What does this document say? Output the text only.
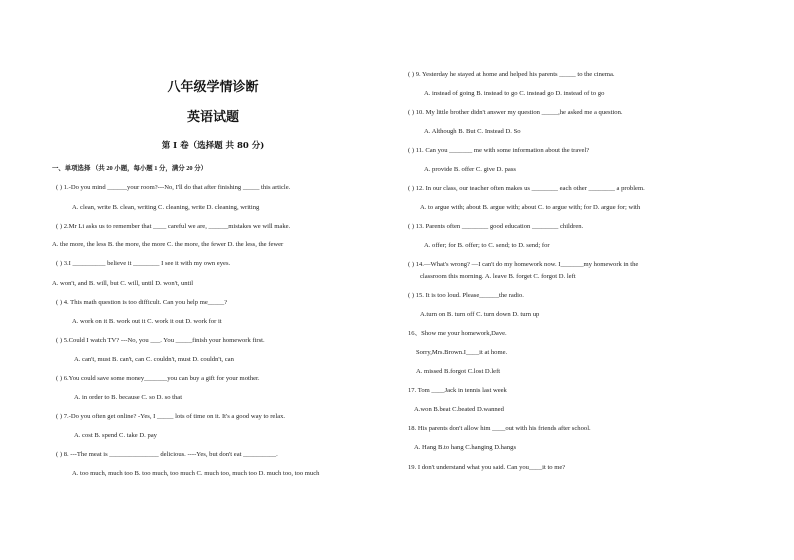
八年级学情诊断
英语试题
第 I 卷（选择题 共 80 分)
一、单项选择 （共 20 小题，每小题 1 分，满分 20 分）
( ) 1.-Do you mind ______your room?---No, I'll do that after finishing _____ this article.
A. clean, write B. clean, writing C. cleaning, write D. cleaning, writing
( ) 2.Mr Li asks us to remember that ____ careful we are, ______mistakes we will make.
A. the more, the less B. the more, the more C. the more, the fewer D. the less, the fewer
( ) 3.I __________ believe it ________ I see it with my own eyes.
A. won't, and B. will, but C. will, until D. won't, until
( ) 4. This math question is too difficult. Can you help me_____?
A. work on it B. work out it C. work it out D. work for it
( ) 5.Could I watch TV? ---No, you ___. You _____finish your homework first.
A. can't, must B. can't, can C. couldn't, must D. couldn't, can
( ) 6.You could save some money_______you can buy a gift for your mother.
A. in order to B. because C. so D. so that
( ) 7.-Do you often get online? -Yes, I _____ lots of time on it. It's a good way to relax.
A. cost B. spend C. take D. pay
( ) 8. ---The meat is _______________ delicious. ----Yes, but don't eat __________.
A. too much, much too B. too much, too much C. much too, much too D. much too, too much
( ) 9. Yesterday he stayed at home and helped his parents _____ to the cinema.
A. instead of going B. instead to go C. instead go D. instead of to go
( ) 10. My little brother didn't answer my question _____,he asked me a question.
A. Although B. But C. Instead D. So
( ) 11. Can you _______ me with some information about the travel?
A. provide B. offer C. give D. pass
( ) 12. In our class, our teacher often makes us ________ each other ________ a problem.
A. to argue with; about B. argue with; about C. to argue with; for D. argue for; with
( ) 13. Parents often ________ good education ________ children.
A. offer; for B. offer; to C. send; to D. send; for
( ) 14.—What's wrong? —I can't do my homework now. I_______my homework in the
classroom this morning. A. leave B. forget C. forgot D. left
( ) 15. It is too loud. Please______the radio.
A.turn on B. turn off C. turn down D. turn up
16、Show me your homework,Dave.
Sorry,Mrs.Brown.I____it at home.
A. missed B.forgot C.lost D.left
17. Tom ____Jack in tennis last week
A.won B.beat C.beated D.wanned
18. His parents don't allow him ____out with his friends after school.
A. Hang B.to hang C.hanging D.hangs
19. I don't understand what you said. Can you____it to me?
